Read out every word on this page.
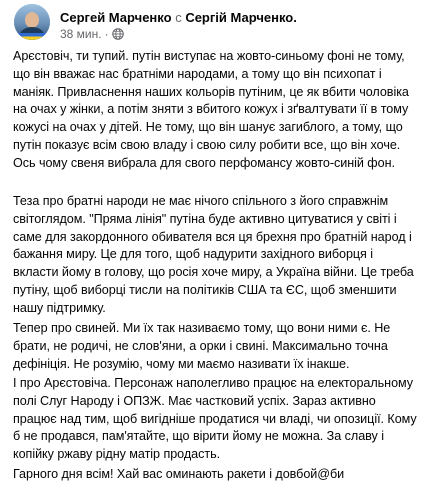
Сергей Марченко с Сергій Марченко.
38 мин. ·

Арєстовіч, ти тупий. путін виступає на жовто-синьому фоні не тому, що він вважає нас братніми народами, а тому що він психопат і маніяк. Привласнення наших кольорів путіним, це як вбити чоловіка на очах у жінки, а потім зняти з вбитого кожух і зґвалтувати її в тому кожусі на очах у дітей. Не тому, що він шанує загиблого, а тому, що путін показує всім свою владу і свою силу робити все, що він хоче. Ось чому свеня вибрала для свого перфомансу жовто-синій фон.

Теза про братні народи не має нічого спільного з його справжнім світоглядом. "Пряма лінія" путіна буде активно цитуватися у світі і саме для закордонного обивателя вся ця брехня про братній народ і бажання миру. Це для того, щоб надурити західного виборця і вкласти йому в голову, що росія хоче миру, а Україна війни. Це треба путіну, щоб виборці тисли на політиків США та ЄС, щоб зменшити нашу підтримку.

Тепер про свиней. Ми їх так називаємо тому, що вони ними є. Не брати, не родичі, не слов'яни, а орки і свині. Максимально точна дефініція. Не розумію, чому ми маємо називати їх інакше.

І про Арєстовіча. Персонаж наполегливо працює на електоральному полі Слуг Народу і ОПЗЖ. Має частковий успіх. Зараз активно працює над тим, щоб вигідніше продатися чи владі, чи опозиції. Кому б не продався, пам'ятайте, що вірити йому не можна. За славу і копійку ржаву рідну матір продасть.

Гарного дня всім! Хай вас оминають ракети і довбой@би
